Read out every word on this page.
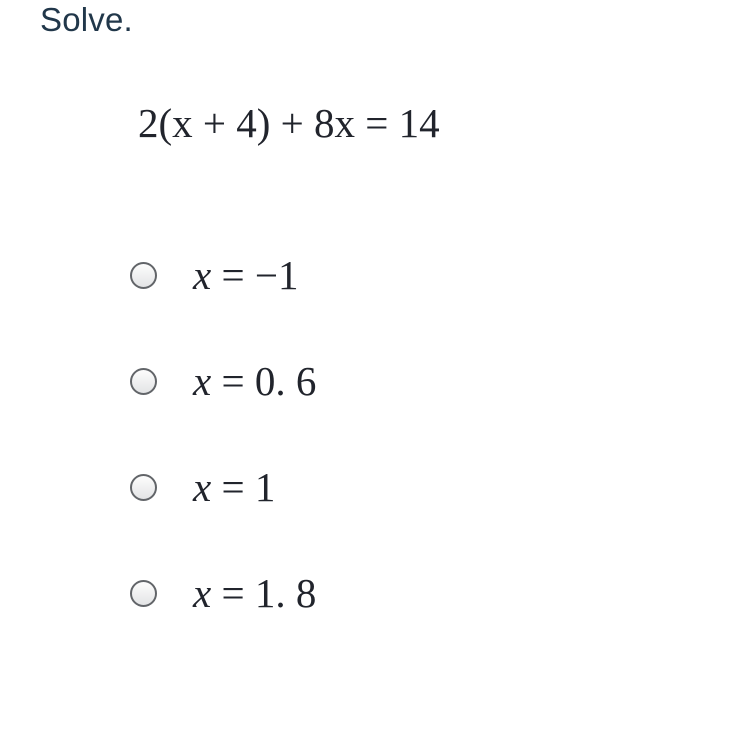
Solve.
2(x + 4) + 8x = 14
x = −1
x = 0. 6
x = 1
x = 1. 8
